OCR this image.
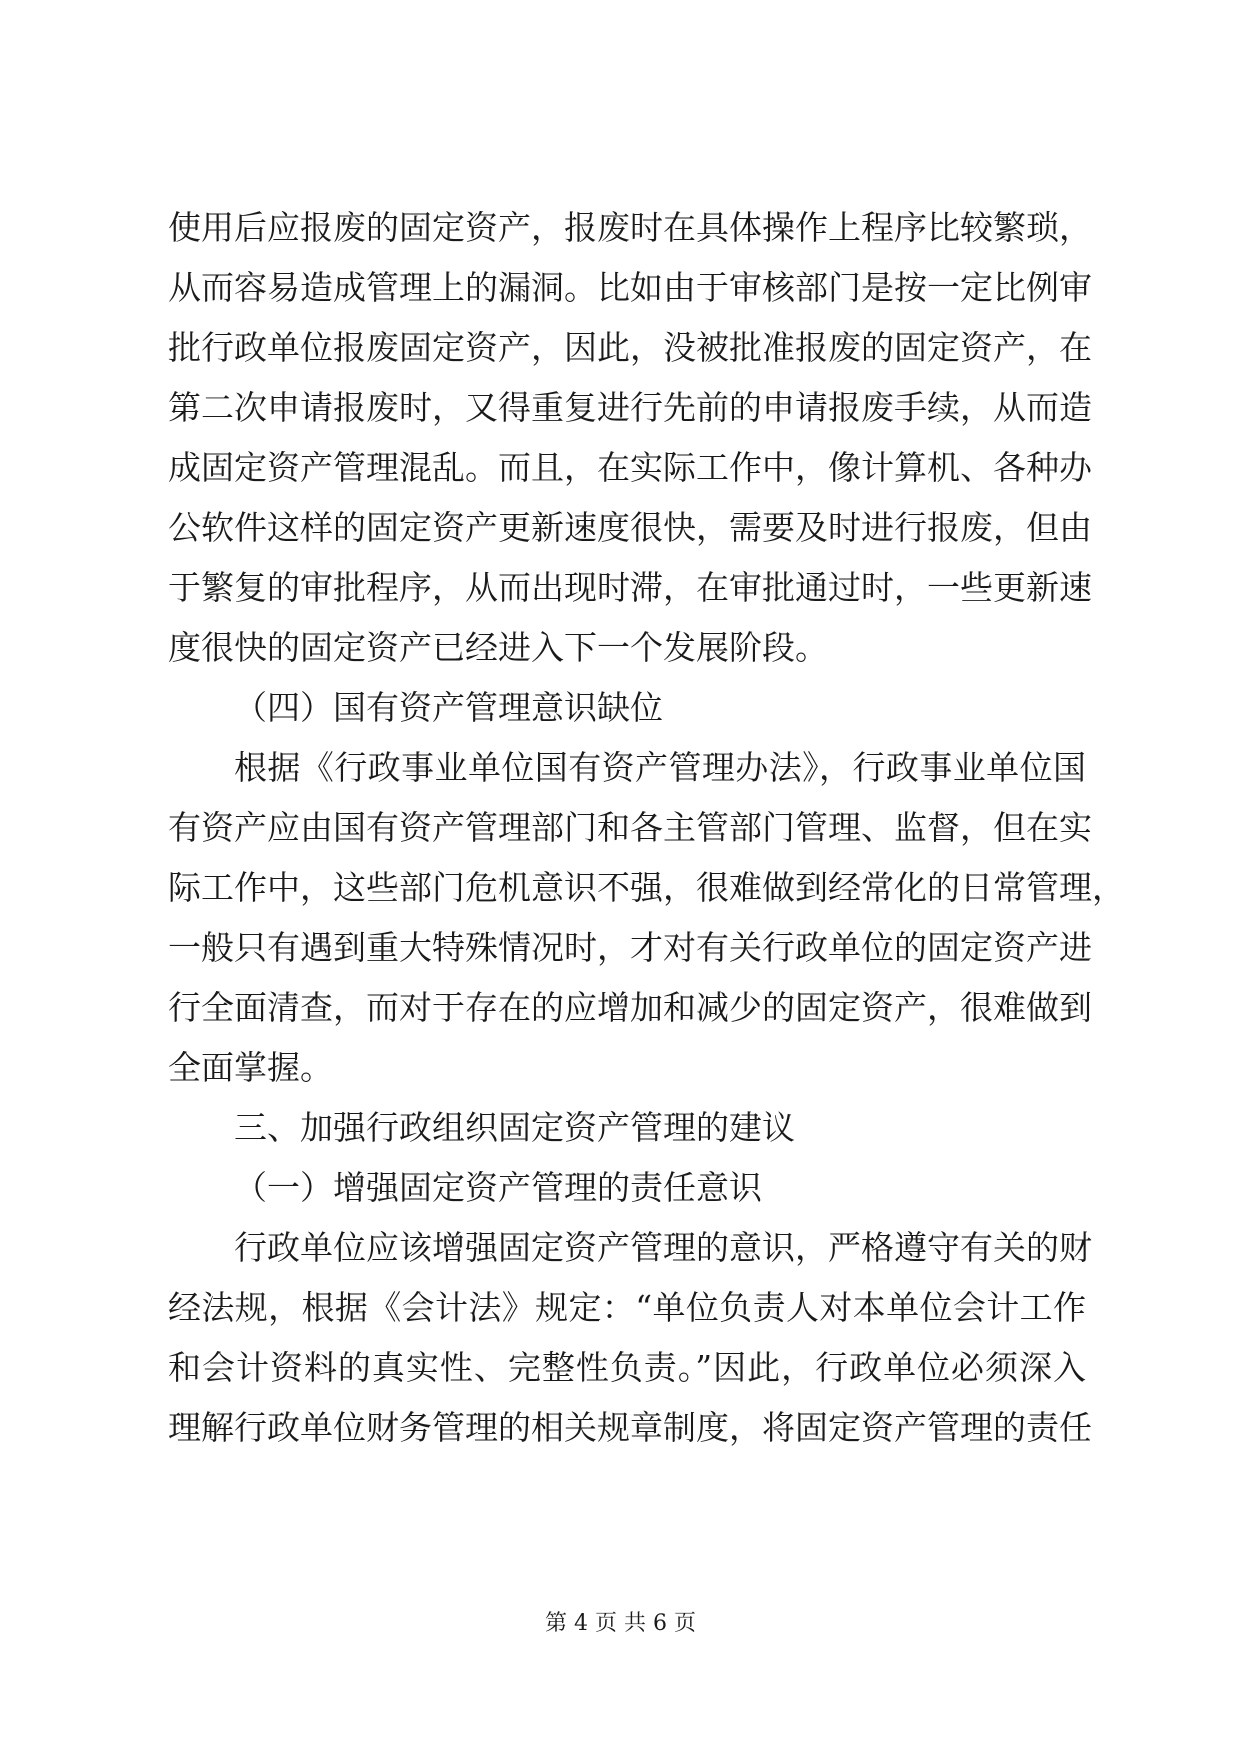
使用后应报废的固定资产，报废时在具体操作上程序比较繁琐，
从而容易造成管理上的漏洞。比如由于审核部门是按一定比例审
批行政单位报废固定资产，因此，没被批准报废的固定资产，在
第二次申请报废时，又得重复进行先前的申请报废手续，从而造
成固定资产管理混乱。而且，在实际工作中，像计算机、各种办
公软件这样的固定资产更新速度很快，需要及时进行报废，但由
于繁复的审批程序，从而出现时滞，在审批通过时，一些更新速
度很快的固定资产已经进入下一个发展阶段。
（四）国有资产管理意识缺位
根据《行政事业单位国有资产管理办法》，行政事业单位国
有资产应由国有资产管理部门和各主管部门管理、监督，但在实
际工作中，这些部门危机意识不强，很难做到经常化的日常管理，
一般只有遇到重大特殊情况时，才对有关行政单位的固定资产进
行全面清查，而对于存在的应增加和减少的固定资产，很难做到
全面掌握。
三、加强行政组织固定资产管理的建议
（一）增强固定资产管理的责任意识
行政单位应该增强固定资产管理的意识，严格遵守有关的财
经法规，根据《会计法》规定：“单位负责人对本单位会计工作
和会计资料的真实性、完整性负责。”因此，行政单位必须深入
理解行政单位财务管理的相关规章制度，将固定资产管理的责任
第 4 页 共 6 页
